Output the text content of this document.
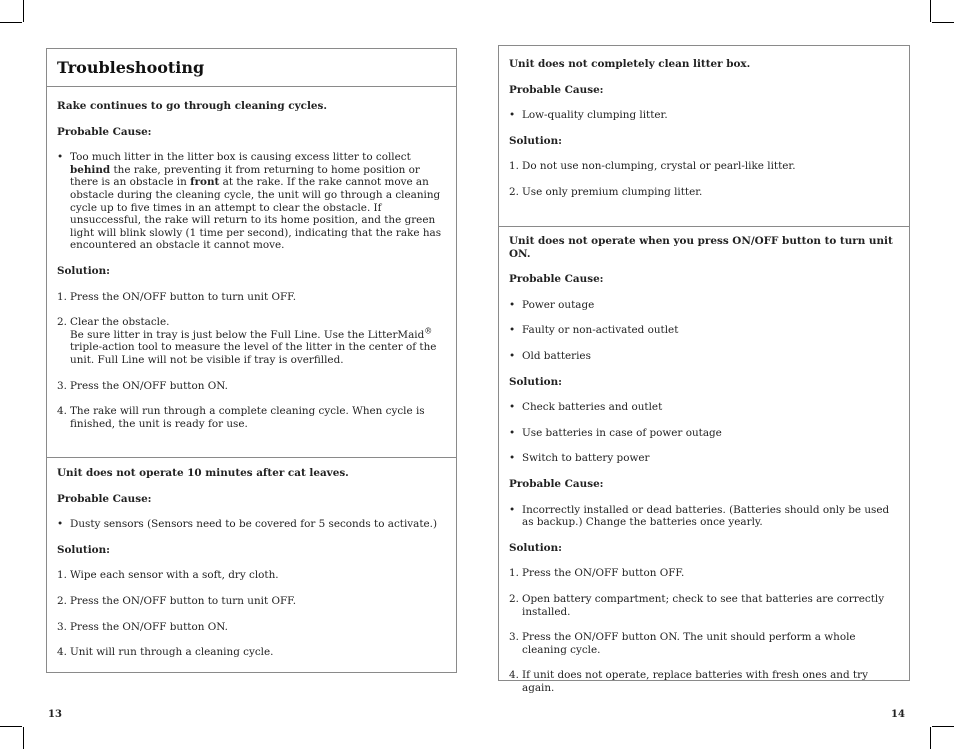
Troubleshooting

Rake continues to go through cleaning cycles.

Probable Cause:

• Too much litter in the litter box is causing excess litter to collect behind the rake, preventing it from returning to home position or there is an obstacle in front at the rake. If the rake cannot move an obstacle during the cleaning cycle, the unit will go through a cleaning cycle up to five times in an attempt to clear the obstacle. If unsuccessful, the rake will return to its home position, and the green light will blink slowly (1 time per second), indicating that the rake has encountered an obstacle it cannot move.

Solution:

1. Press the ON/OFF button to turn unit OFF.
2. Clear the obstacle.
Be sure litter in tray is just below the Full Line. Use the LitterMaid® triple-action tool to measure the level of the litter in the center of the unit. Full Line will not be visible if tray is overfilled.
3. Press the ON/OFF button ON.
4. The rake will run through a complete cleaning cycle. When cycle is finished, the unit is ready for use.

Unit does not operate 10 minutes after cat leaves.

Probable Cause:

• Dusty sensors (Sensors need to be covered for 5 seconds to activate.)

Solution:

1. Wipe each sensor with a soft, dry cloth.
2. Press the ON/OFF button to turn unit OFF.
3. Press the ON/OFF button ON.
4. Unit will run through a cleaning cycle.

Unit does not completely clean litter box.

Probable Cause:

• Low-quality clumping litter.

Solution:

1. Do not use non-clumping, crystal or pearl-like litter.
2. Use only premium clumping litter.

Unit does not operate when you press ON/OFF button to turn unit ON.

Probable Cause:

• Power outage
• Faulty or non-activated outlet
• Old batteries

Solution:

• Check batteries and outlet
• Use batteries in case of power outage
• Switch to battery power

Probable Cause:

• Incorrectly installed or dead batteries. (Batteries should only be used as backup.) Change the batteries once yearly.

Solution:

1. Press the ON/OFF button OFF.
2. Open battery compartment; check to see that batteries are correctly installed.
3. Press the ON/OFF button ON. The unit should perform a whole cleaning cycle.
4. If unit does not operate, replace batteries with fresh ones and try again.
13	14
